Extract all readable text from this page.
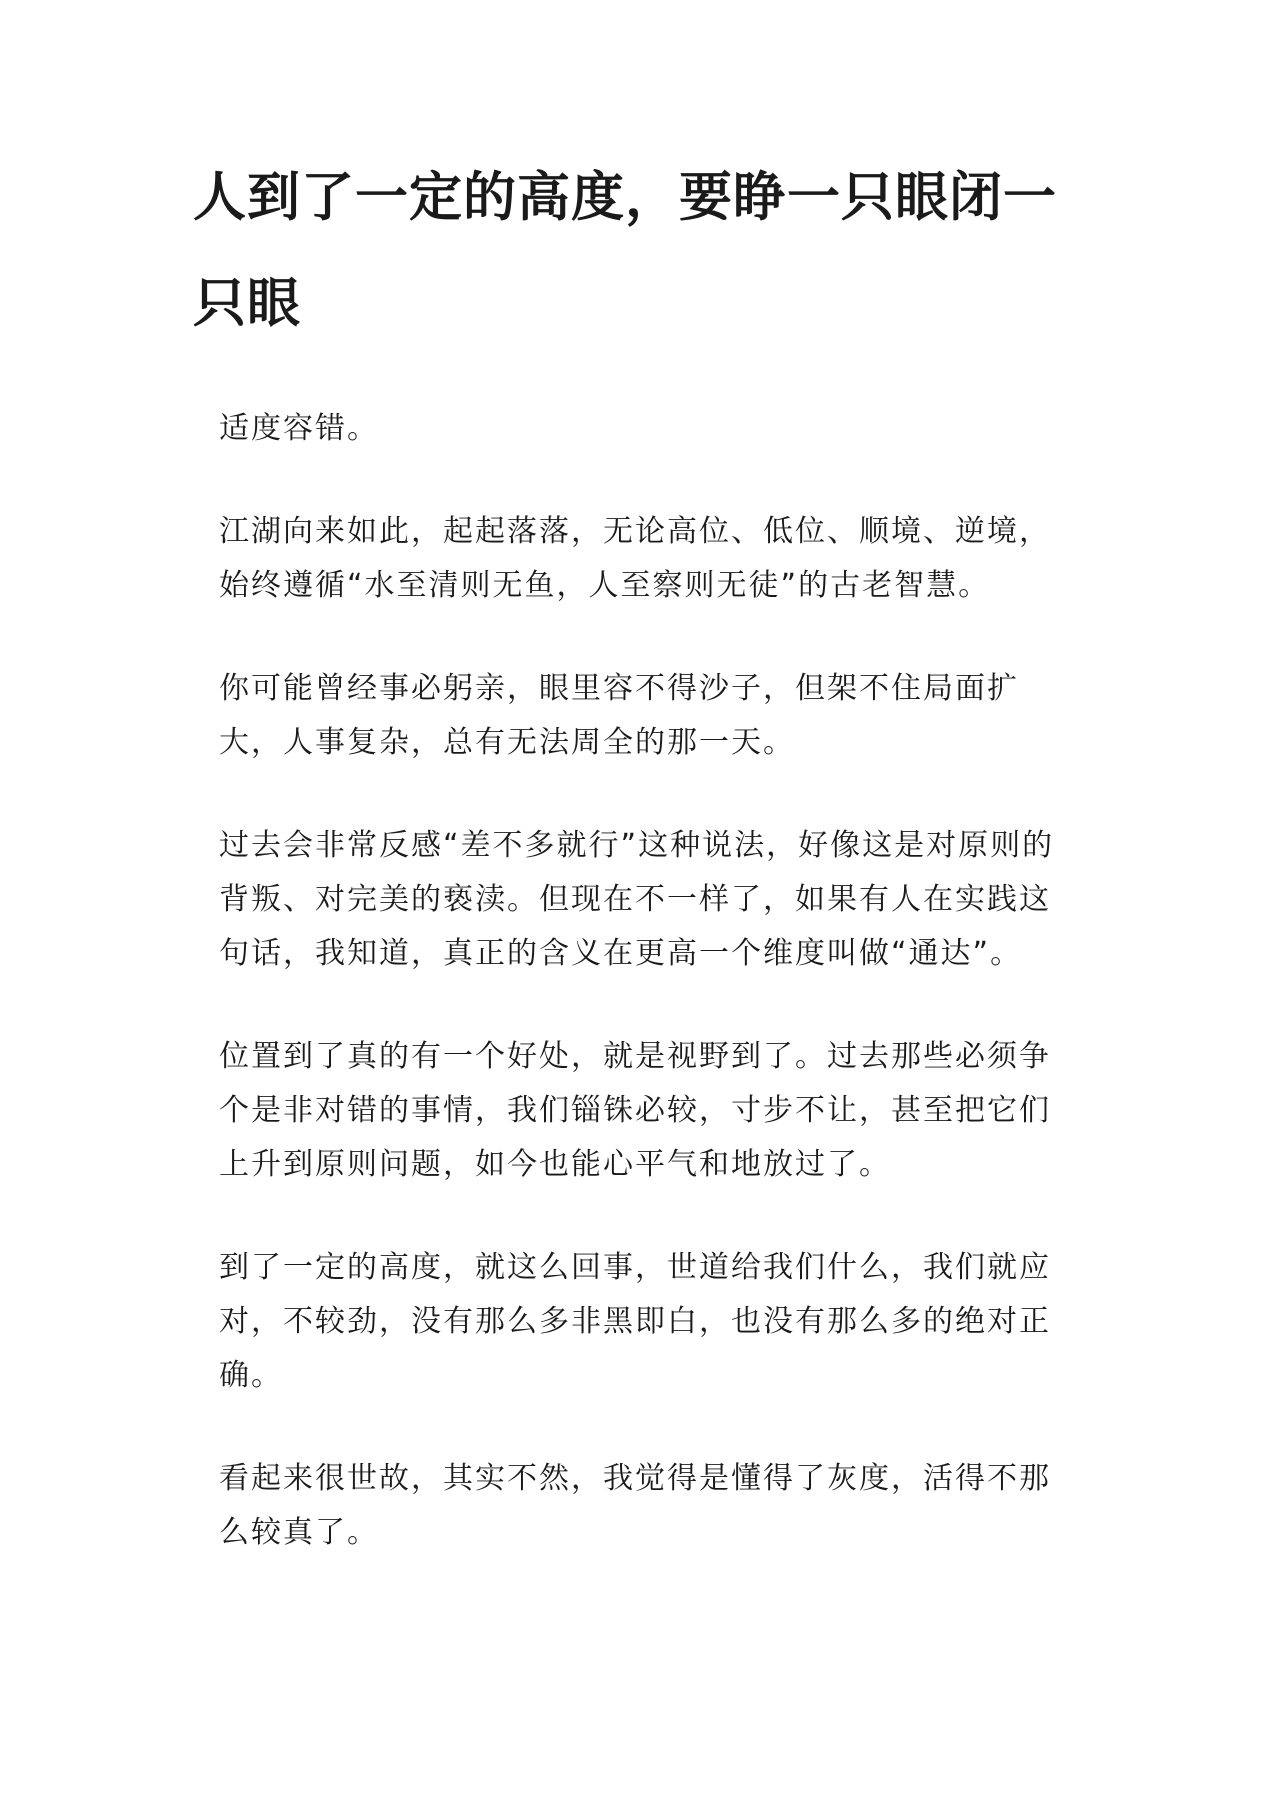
人到了一定的高度，要睁一只眼闭一只眼

适度容错。

江湖向来如此，起起落落，无论高位、低位、顺境、逆境，始终遵循“水至清则无鱼，人至察则无徒”的古老智慧。

你可能曾经事必躬亲，眼里容不得沙子，但架不住局面扩大，人事复杂，总有无法周全的那一天。

过去会非常反感“差不多就行”这种说法，好像这是对原则的背叛、对完美的亵渎。但现在不一样了，如果有人在实践这句话，我知道，真正的含义在更高一个维度叫做“通达”。

位置到了真的有一个好处，就是视野到了。过去那些必须争个是非对错的事情，我们锱铢必较，寸步不让，甚至把它们上升到原则问题，如今也能心平气和地放过了。

到了一定的高度，就这么回事，世道给我们什么，我们就应对，不较劲，没有那么多非黑即白，也没有那么多的绝对正确。

看起来很世故，其实不然，我觉得是懂得了灰度，活得不那么较真了。
